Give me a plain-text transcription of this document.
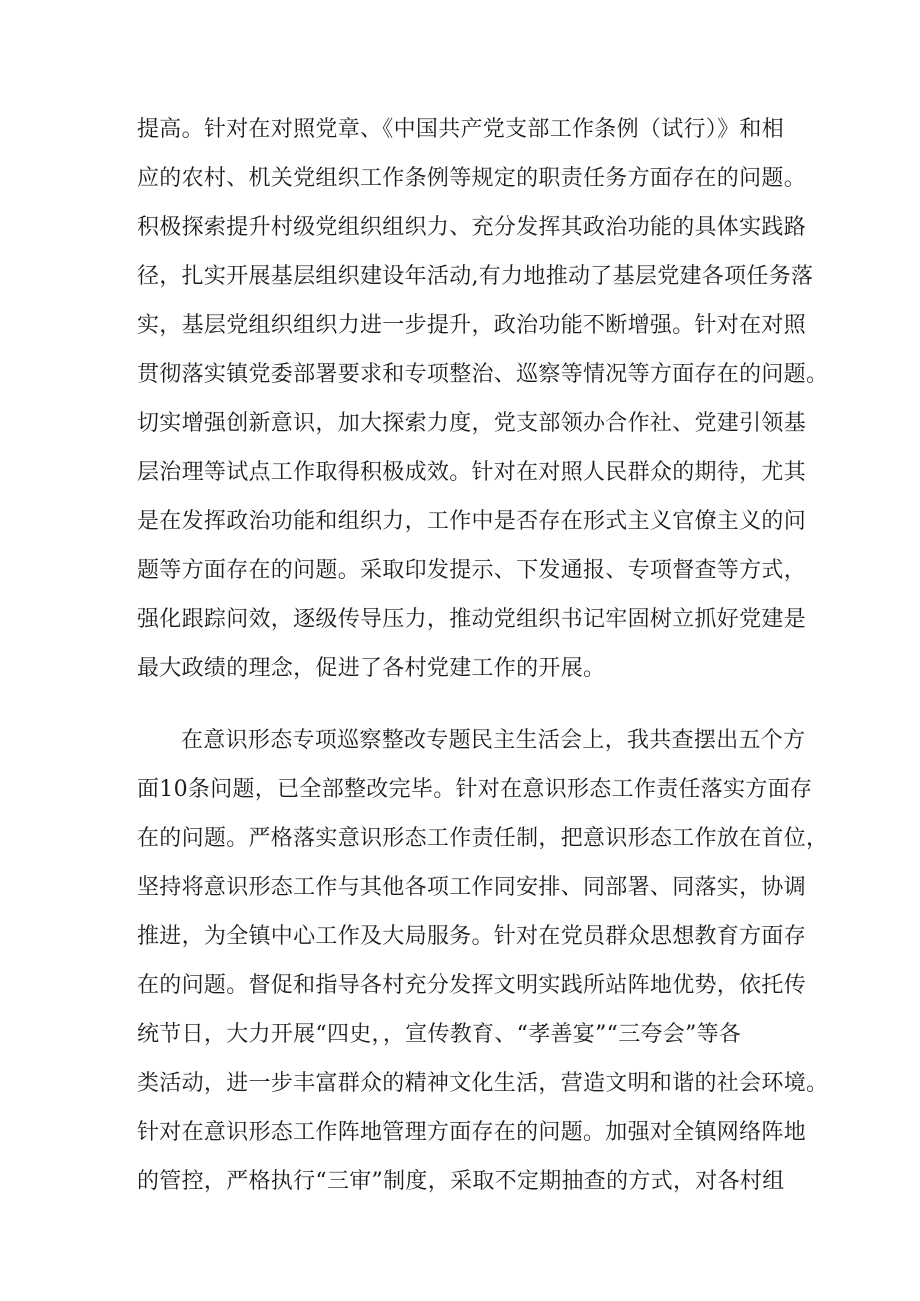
提高。针对在对照党章、《中国共产党支部工作条例（试行）》和相
应的农村、机关党组织工作条例等规定的职责任务方面存在的问题。
积极探索提升村级党组织组织力、充分发挥其政治功能的具体实践路
径，扎实开展基层组织建设年活动,有力地推动了基层党建各项任务落
实，基层党组织组织力进一步提升，政治功能不断增强。针对在对照
贯彻落实镇党委部署要求和专项整治、巡察等情况等方面存在的问题。
切实增强创新意识，加大探索力度，党支部领办合作社、党建引领基
层治理等试点工作取得积极成效。针对在对照人民群众的期待，尤其
是在发挥政治功能和组织力，工作中是否存在形式主义官僚主义的问
题等方面存在的问题。采取印发提示、下发通报、专项督查等方式，
强化跟踪问效，逐级传导压力，推动党组织书记牢固树立抓好党建是
最大政绩的理念，促进了各村党建工作的开展。
在意识形态专项巡察整改专题民主生活会上，我共查摆出五个方
面10条问题，已全部整改完毕。针对在意识形态工作责任落实方面存
在的问题。严格落实意识形态工作责任制，把意识形态工作放在首位，
坚持将意识形态工作与其他各项工作同安排、同部署、同落实，协调
推进，为全镇中心工作及大局服务。针对在党员群众思想教育方面存
在的问题。督促和指导各村充分发挥文明实践所站阵地优势，依托传
统节日，大力开展“四史，，宣传教育、“孝善宴”“三夸会”等各
类活动，进一步丰富群众的精神文化生活，营造文明和谐的社会环境。
针对在意识形态工作阵地管理方面存在的问题。加强对全镇网络阵地
的管控，严格执行“三审”制度，采取不定期抽查的方式，对各村组
